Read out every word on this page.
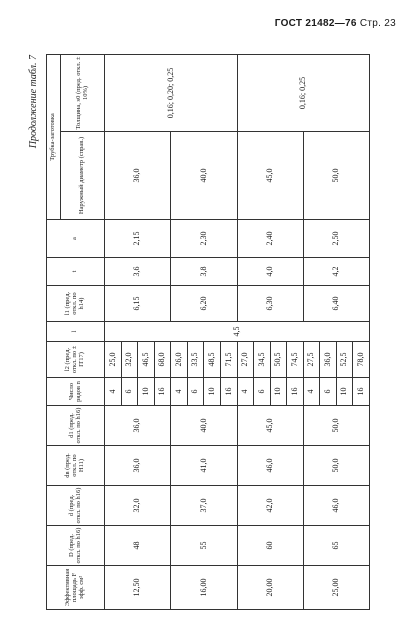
ГОСТ 21482—76 Стр. 23
Продолжение табл. 7
Эффективная площадь F эфф. см²	D (пред. откл. по h16)	d (пред. откл. по h16)	dв (пред. откл. по H11)	d1 (пред. откл. по h16)	Число рядов n	l2 (пред. откл. по ± IT17)	l	l1 (пред. откл. по h14)	t	a	Трубка-заготовка	
											Наружный диаметр (справ.)	Толщина, s0 (пред. откл. ± 10%)
12,50	48	32,0	36,0	36,0	4	25,0	4,5	6,15	3,6	2,15	36,0	0,16; 0,20; 0,25
					6	32,0						
					10	46,5						
					16	68,0						
16,00	55	37,0	41,0	40,0	4	26,0		6,20	3,8	2,30	40,0	
					6	33,5						
					10	48,5						
					16	71,5						
20,00	60	42,0	46,0	45,0	4	27,0		6,30	4,0	2,40	45,0	0,16; 0,25
					6	34,5						
					10	50,5						
					16	74,5						
25,00	65	46,0	50,0	50,0	4	27,5		6,40	4,2	2,50	50,0	
					6	36,0						
					10	52,5						
					16	78,0						
